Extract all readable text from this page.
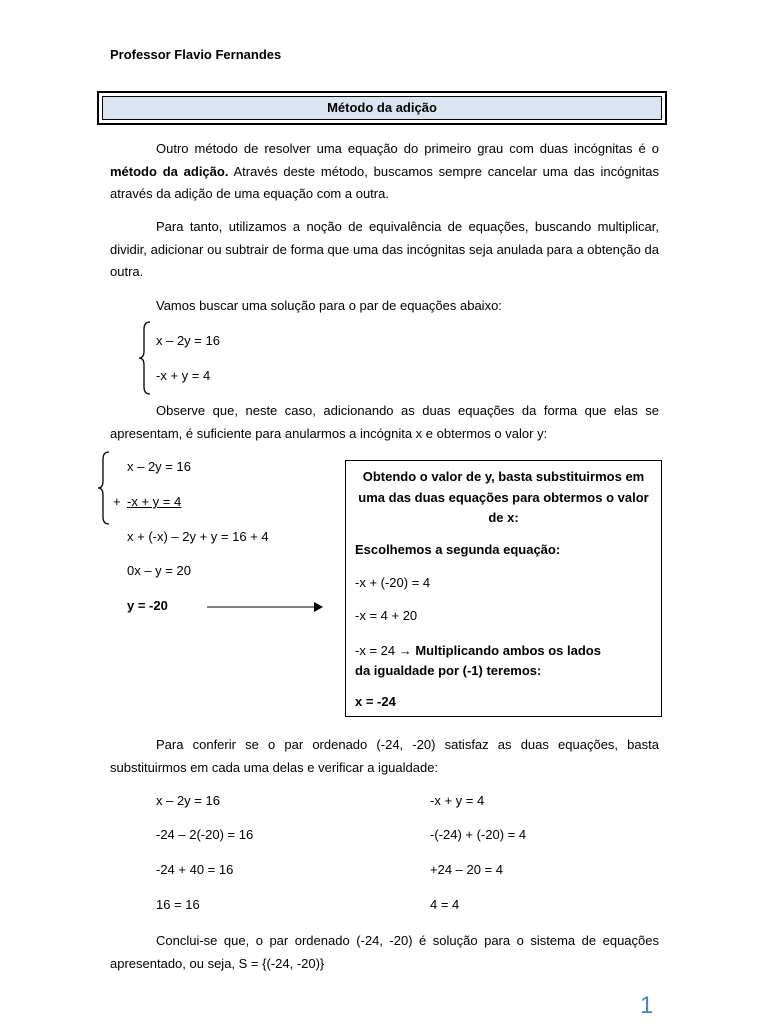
Professor Flavio Fernandes
Método da adição
Outro método de resolver uma equação do primeiro grau com duas incógnitas é o método da adição. Através deste método, buscamos sempre cancelar uma das incógnitas através da adição de uma equação com a outra.
Para tanto, utilizamos a noção de equivalência de equações, buscando multiplicar, dividir, adicionar ou subtrair de forma que uma das incógnitas seja anulada para a obtenção da outra.
Vamos buscar uma solução para o par de equações abaixo:
x – 2y = 16
-x + y = 4
Observe que, neste caso, adicionando as duas equações da forma que elas se apresentam, é suficiente para anularmos a incógnita x e obtermos o valor y:
x – 2y = 16
+ -x + y = 4
x + (-x) – 2y + y = 16 + 4
0x – y = 20
y = -20
Obtendo o valor de y, basta substituirmos em uma das duas equações para obtermos o valor de x:
Escolhemos a segunda equação:
-x + (-20) = 4
-x = 4 + 20
-x = 24 → Multiplicando ambos os lados da igualdade por (-1) teremos:
x = -24
Para conferir se o par ordenado (-24, -20) satisfaz as duas equações, basta substituirmos em cada uma delas e verificar a igualdade:
x – 2y = 16
-24 – 2(-20) = 16
-24 + 40 = 16
16 = 16
-x + y = 4
-(-24) + (-20) = 4
+24 – 20 = 4
4 = 4
Conclui-se que, o par ordenado (-24, -20) é solução para o sistema de equações apresentado, ou seja, S = {(-24, -20)}
1
